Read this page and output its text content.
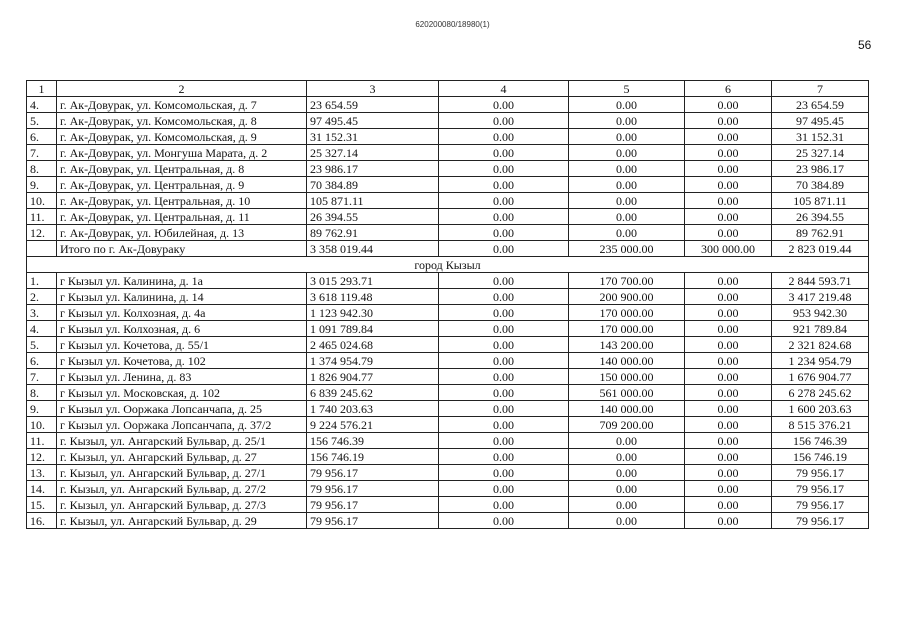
620200080/18980(1)
56
1	2	3	4	5	6	7
4.	г. Ак-Довурак, ул. Комсомольская, д. 7	23 654.59	0.00	0.00	0.00	23 654.59
5.	г. Ак-Довурак, ул. Комсомольская, д. 8	97 495.45	0.00	0.00	0.00	97 495.45
6.	г. Ак-Довурак, ул. Комсомольская, д. 9	31 152.31	0.00	0.00	0.00	31 152.31
7.	г. Ак-Довурак, ул. Монгуша Марата, д. 2	25 327.14	0.00	0.00	0.00	25 327.14
8.	г. Ак-Довурак, ул. Центральная, д. 8	23 986.17	0.00	0.00	0.00	23 986.17
9.	г. Ак-Довурак, ул. Центральная, д. 9	70 384.89	0.00	0.00	0.00	70 384.89
10.	г. Ак-Довурак, ул. Центральная, д. 10	105 871.11	0.00	0.00	0.00	105 871.11
11.	г. Ак-Довурак, ул. Центральная, д. 11	26 394.55	0.00	0.00	0.00	26 394.55
12.	г. Ак-Довурак, ул. Юбилейная, д. 13	89 762.91	0.00	0.00	0.00	89 762.91
	Итого по г. Ак-Довураку	3 358 019.44	0.00	235 000.00	300 000.00	2 823 019.44
город Кызыл						
1.	г Кызыл ул. Калинина, д. 1а	3 015 293.71	0.00	170 700.00	0.00	2 844 593.71
2.	г Кызыл ул. Калинина, д. 14	3 618 119.48	0.00	200 900.00	0.00	3 417 219.48
3.	г Кызыл ул. Колхозная, д. 4а	1 123 942.30	0.00	170 000.00	0.00	953 942.30
4.	г Кызыл ул. Колхозная, д. 6	1 091 789.84	0.00	170 000.00	0.00	921 789.84
5.	г Кызыл ул. Кочетова, д. 55/1	2 465 024.68	0.00	143 200.00	0.00	2 321 824.68
6.	г Кызыл ул. Кочетова, д. 102	1 374 954.79	0.00	140 000.00	0.00	1 234 954.79
7.	г Кызыл ул. Ленина, д. 83	1 826 904.77	0.00	150 000.00	0.00	1 676 904.77
8.	г Кызыл ул. Московская, д. 102	6 839 245.62	0.00	561 000.00	0.00	6 278 245.62
9.	г Кызыл ул. Ооржака Лопсанчапа, д. 25	1 740 203.63	0.00	140 000.00	0.00	1 600 203.63
10.	г Кызыл ул. Ооржака Лопсанчапа, д. 37/2	9 224 576.21	0.00	709 200.00	0.00	8 515 376.21
11.	г. Кызыл, ул. Ангарский Бульвар, д. 25/1	156 746.39	0.00	0.00	0.00	156 746.39
12.	г. Кызыл, ул. Ангарский Бульвар, д. 27	156 746.19	0.00	0.00	0.00	156 746.19
13.	г. Кызыл, ул. Ангарский Бульвар, д. 27/1	79 956.17	0.00	0.00	0.00	79 956.17
14.	г. Кызыл, ул. Ангарский Бульвар, д. 27/2	79 956.17	0.00	0.00	0.00	79 956.17
15.	г. Кызыл, ул. Ангарский Бульвар, д. 27/3	79 956.17	0.00	0.00	0.00	79 956.17
16.	г. Кызыл, ул. Ангарский Бульвар, д. 29	79 956.17	0.00	0.00	0.00	79 956.17
